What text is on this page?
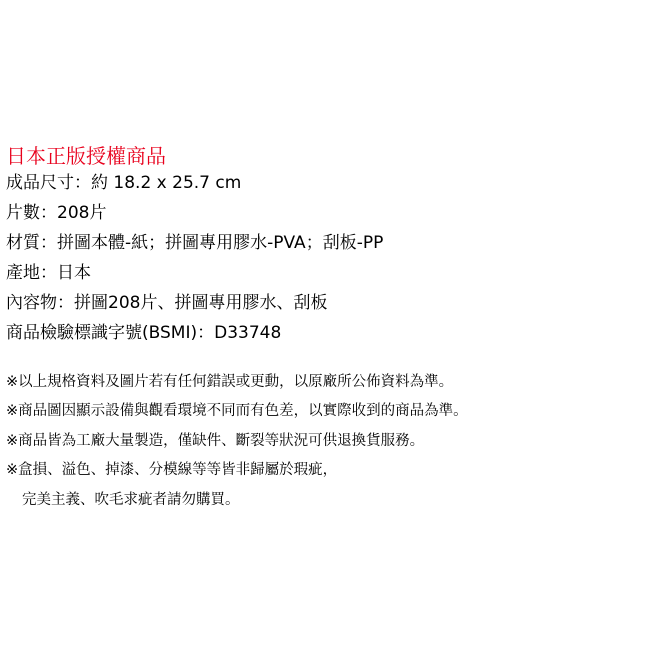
日本正版授權商品
成品尺寸：約 18.2 x 25.7 cm
片數：208片
材質：拼圖本體-紙；拼圖專用膠水-PVA；刮板-PP
產地：日本
內容物：拼圖208片、拼圖專用膠水、刮板
商品檢驗標識字號(BSMI)：D33748
※以上規格資料及圖片若有任何錯誤或更動，以原廠所公佈資料為準。
※商品圖因顯示設備與觀看環境不同而有色差，以實際收到的商品為準。
※商品皆為工廠大量製造，僅缺件、斷裂等狀況可供退換貨服務。
※盒損、溢色、掉漆、分模線等等皆非歸屬於瑕疵，
完美主義、吹毛求疵者請勿購買。
